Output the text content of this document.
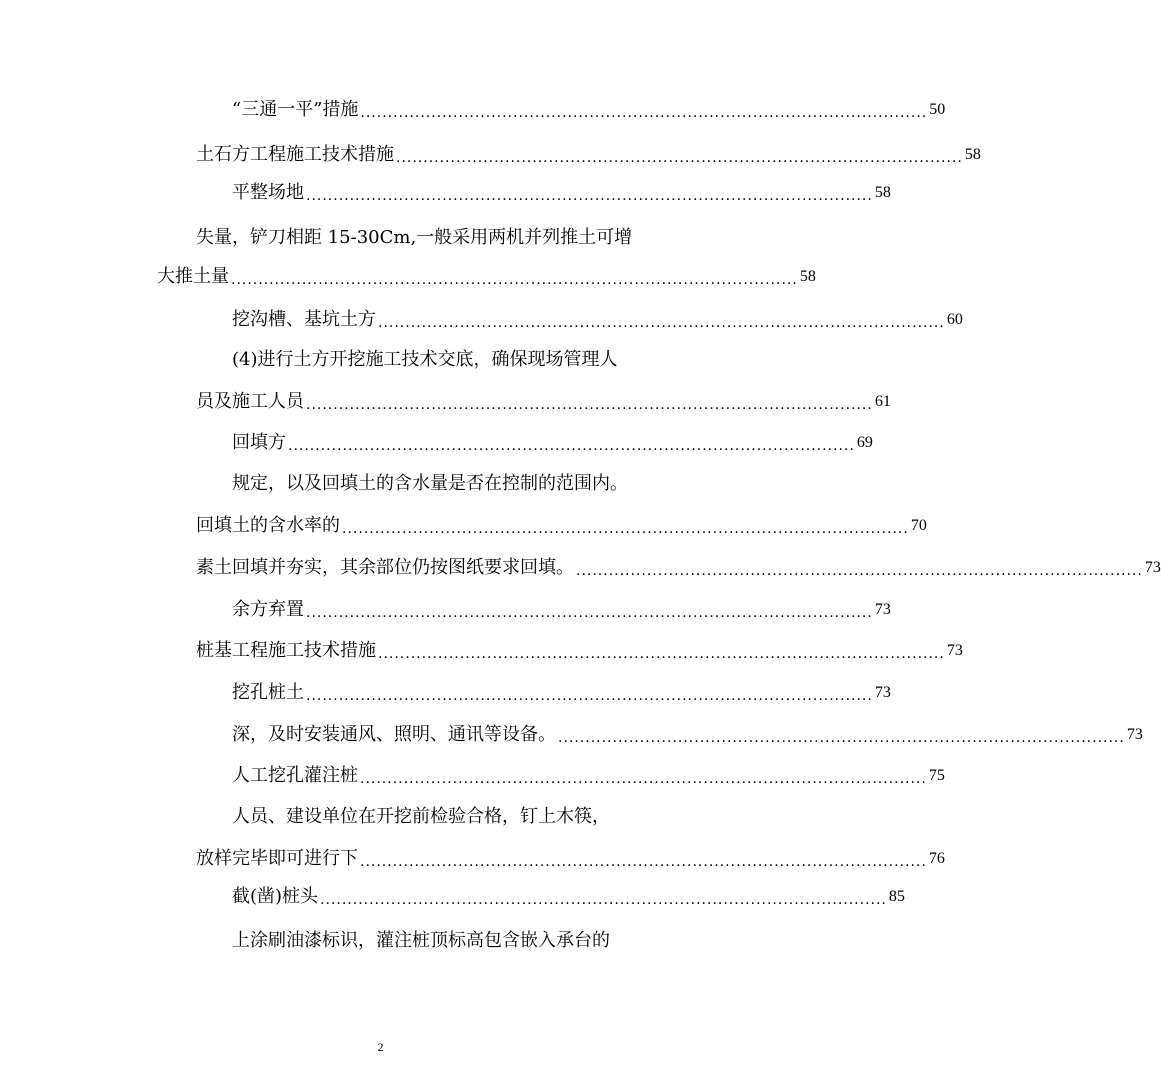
“三通一平”措施 ........................................................................................................ 50
土石方工程施工技术措施 ........................................................................................................ 58
平整场地 ........................................................................................................ 58
失量，铲刀相距 15-30Cm,一般采用两机并列推土可增
大推土量 ........................................................................................................ 58
挖沟槽、基坑土方 ........................................................................................................ 60
(4)进行土方开挖施工技术交底，确保现场管理人
员及施工人员 ........................................................................................................ 61
回填方 ........................................................................................................ 69
规定，以及回填土的含水量是否在控制的范围内。
回填土的含水率的 ........................................................................................................ 70
素土回填并夯实，其余部位仍按图纸要求回填。 ........................................................................................................ 73
余方弃置 ........................................................................................................ 73
桩基工程施工技术措施 ........................................................................................................ 73
挖孔桩土 ........................................................................................................ 73
深，及时安装通风、照明、通讯等设备。 ........................................................................................................ 73
人工挖孔灌注桩 ........................................................................................................ 75
人员、建设单位在开挖前检验合格，钉上木筷，
放样完毕即可进行下 ........................................................................................................ 76
截(凿)桩头 ........................................................................................................ 85
上涂刷油漆标识，灌注桩顶标高包含嵌入承台的
2
